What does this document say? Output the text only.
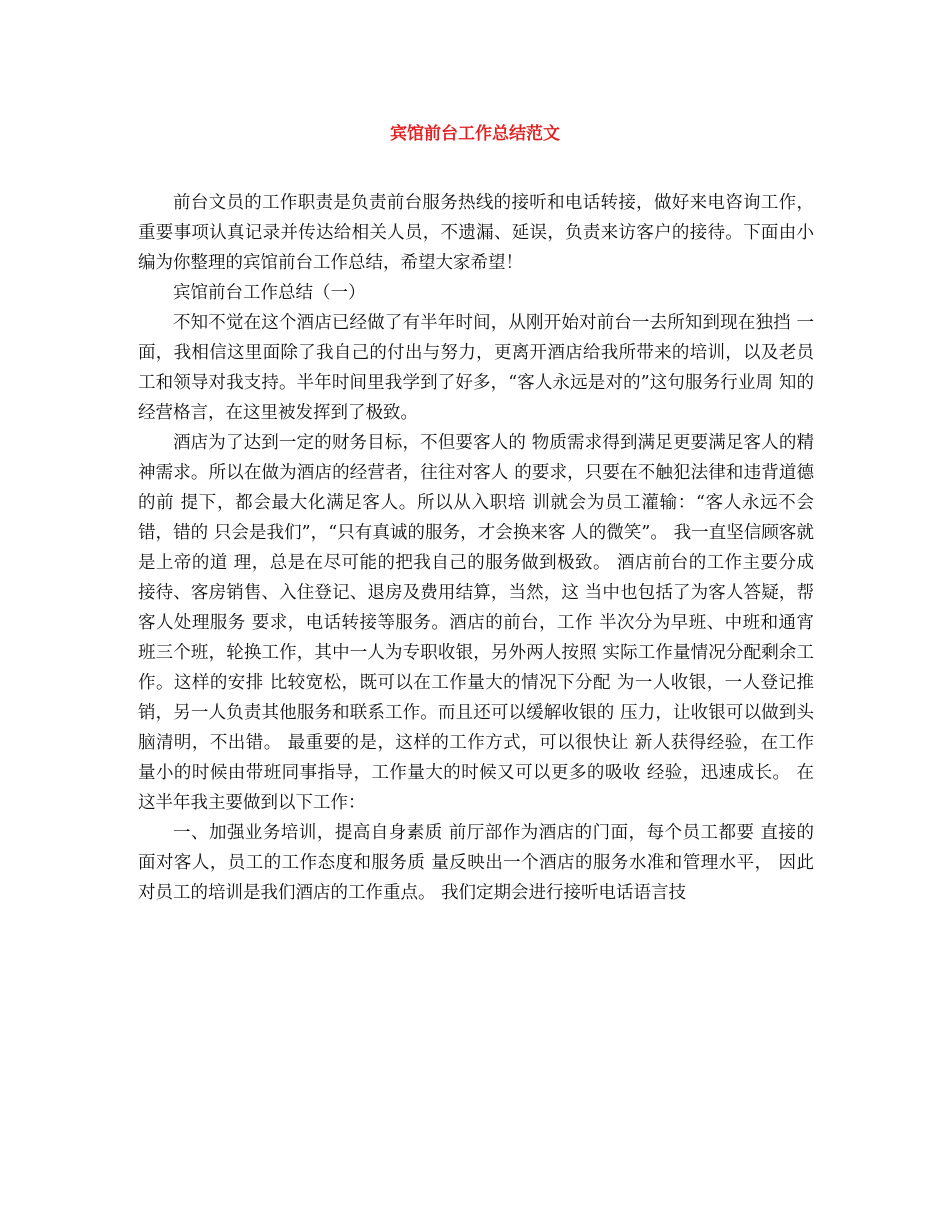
宾馆前台工作总结范文

前台文员的工作职责是负责前台服务热线的接听和电话转接，做好来电咨询工作，重要事项认真记录并传达给相关人员，不遗漏、延误，负责来访客户的接待。下面由小编为你整理的宾馆前台工作总结，希望大家希望！

宾馆前台工作总结（一）

不知不觉在这个酒店已经做了有半年时间，从刚开始对前台一去所知到现在独挡 一面，我相信这里面除了我自己的付出与努力，更离开酒店给我所带来的培训，以及老员工和领导对我支持。半年时间里我学到了好多，“客人永远是对的”这句服务行业周 知的经营格言，在这里被发挥到了极致。

酒店为了达到一定的财务目标，不但要客人的 物质需求得到满足更要满足客人的精神需求。所以在做为酒店的经营者，往往对客人 的要求，只要在不触犯法律和违背道德的前 提下，都会最大化满足客人。所以从入职培 训就会为员工灌输：“客人永远不会错，错的 只会是我们”，“只有真诚的服务，才会换来客 人的微笑”。 我一直坚信顾客就是上帝的道 理，总是在尽可能的把我自己的服务做到极致。 酒店前台的工作主要分成接待、客房销售、入住登记、退房及费用结算，当然，这 当中也包括了为客人答疑，帮客人处理服务 要求，电话转接等服务。酒店的前台，工作 半次分为早班、中班和通宵班三个班，轮换工作，其中一人为专职收银，另外两人按照 实际工作量情况分配剩余工作。这样的安排 比较宽松，既可以在工作量大的情况下分配 为一人收银，一人登记推销，另一人负责其他服务和联系工作。而且还可以缓解收银的 压力，让收银可以做到头脑清明，不出错。 最重要的是，这样的工作方式，可以很快让 新人获得经验，在工作量小的时候由带班同事指导，工作量大的时候又可以更多的吸收 经验，迅速成长。 在这半年我主要做到以下工作：

一、加强业务培训，提高自身素质 前厅部作为酒店的门面，每个员工都要 直接的面对客人，员工的工作态度和服务质 量反映出一个酒店的服务水准和管理水平， 因此对员工的培训是我们酒店的工作重点。 我们定期会进行接听电话语言技
